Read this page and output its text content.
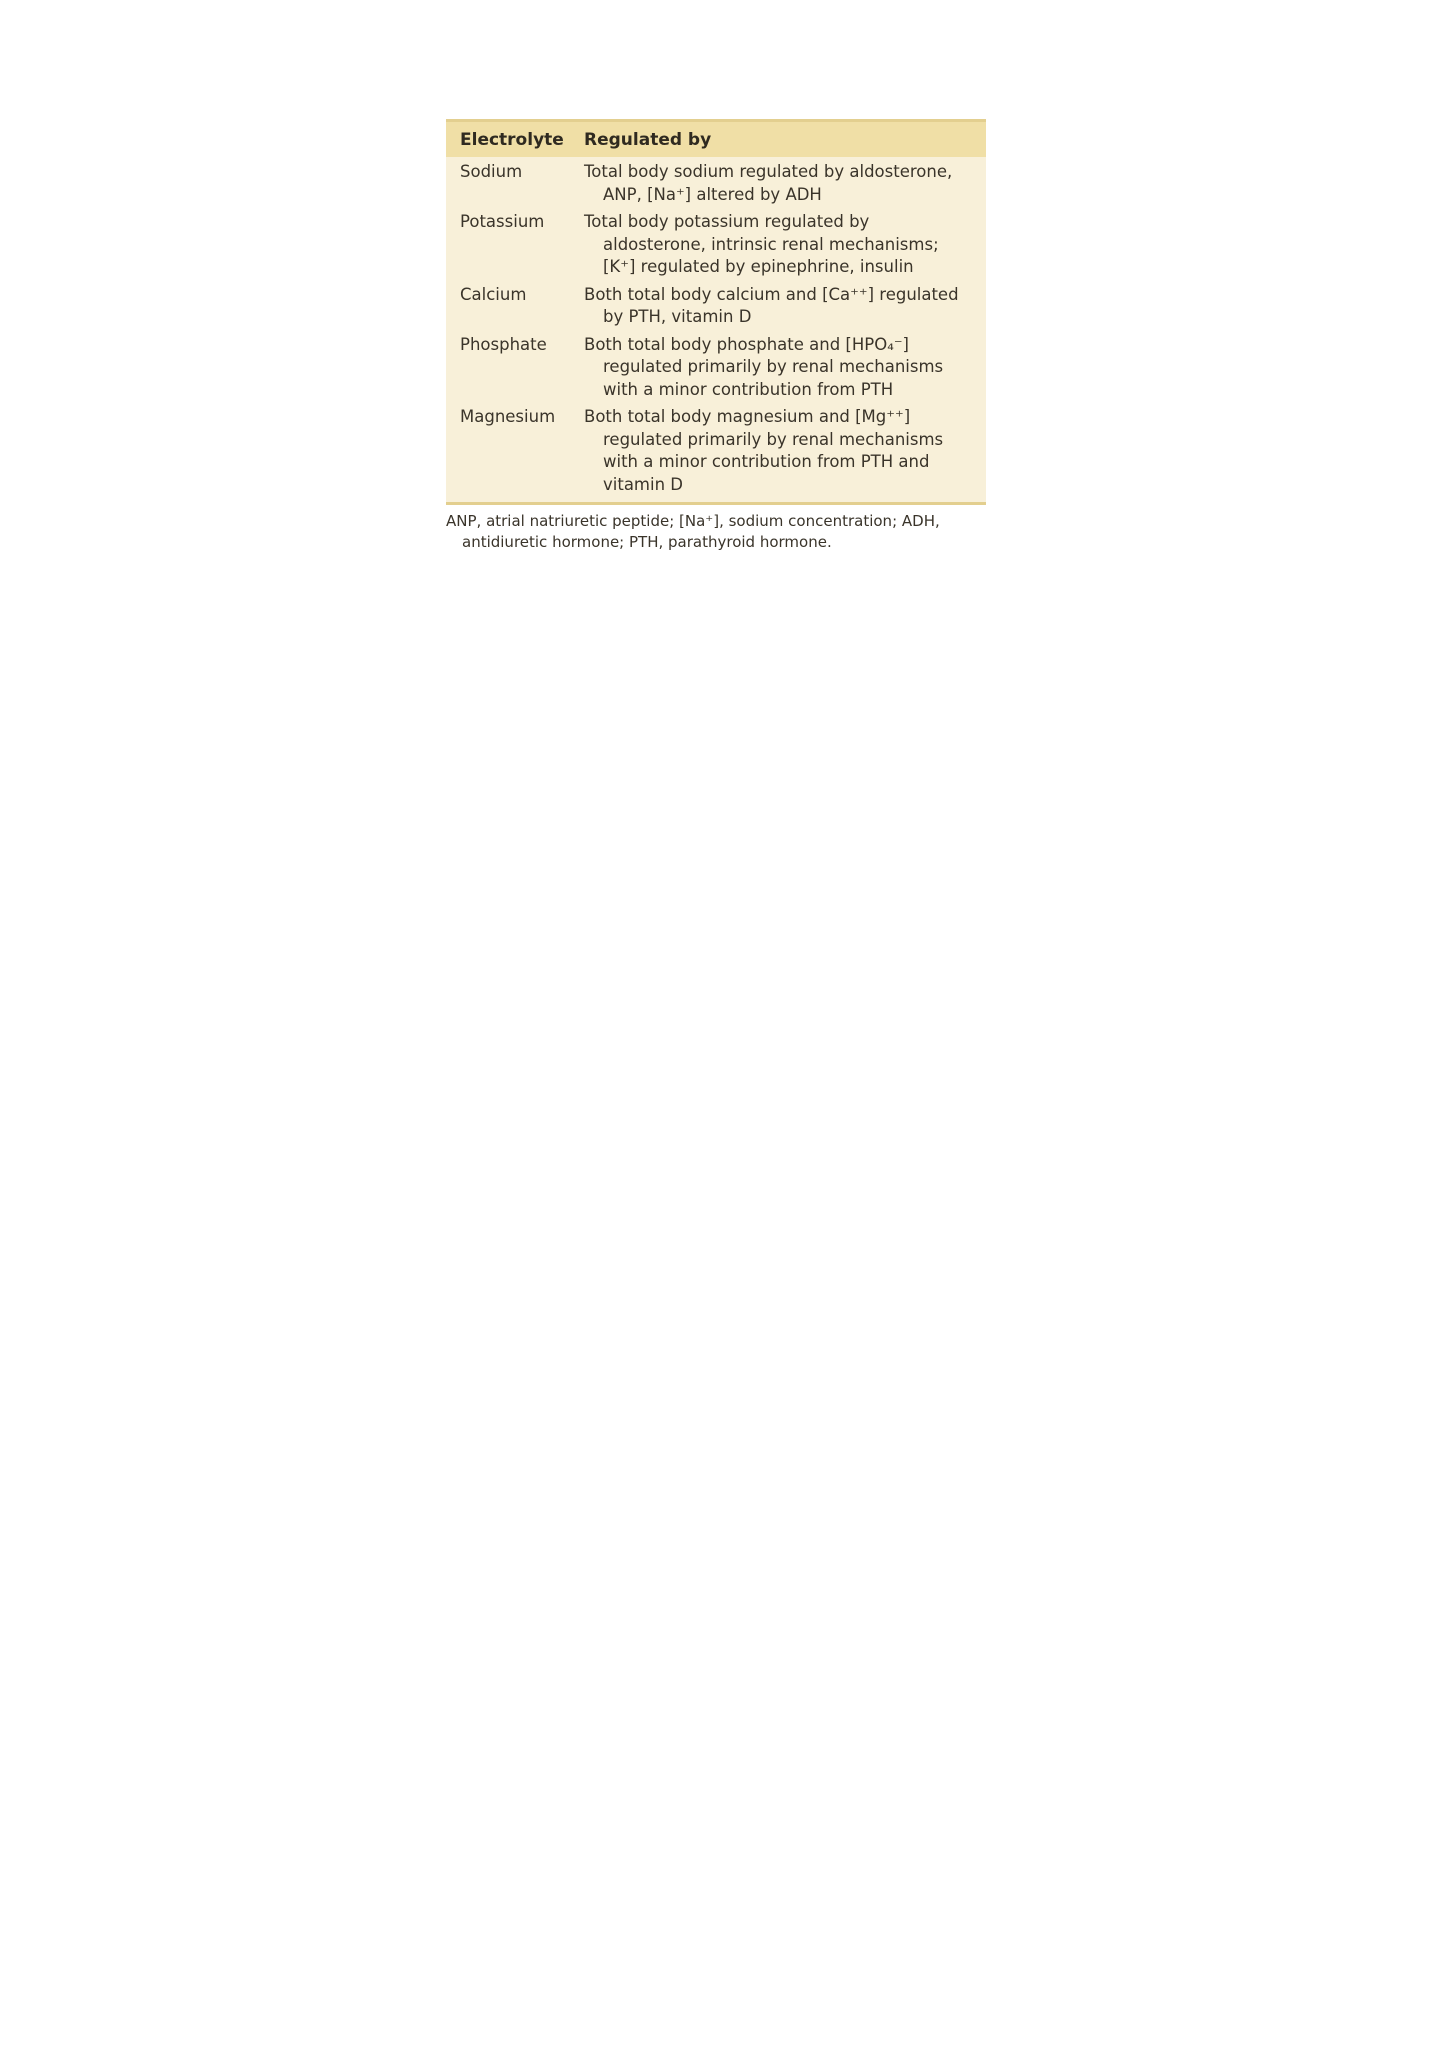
Electrolyte	Regulated by
Sodium	Total body sodium regulated by aldosterone,
ANP, [Na⁺] altered by ADH
Potassium	Total body potassium regulated by
aldosterone, intrinsic renal mechanisms;
[K⁺] regulated by epinephrine, insulin
Calcium	Both total body calcium and [Ca⁺⁺] regulated
by PTH, vitamin D
Phosphate	Both total body phosphate and [HPO₄⁻]
regulated primarily by renal mechanisms
with a minor contribution from PTH
Magnesium	Both total body magnesium and [Mg⁺⁺]
regulated primarily by renal mechanisms
with a minor contribution from PTH and
vitamin D
ANP, atrial natriuretic peptide; [Na⁺], sodium concentration; ADH,
antidiuretic hormone; PTH, parathyroid hormone.
